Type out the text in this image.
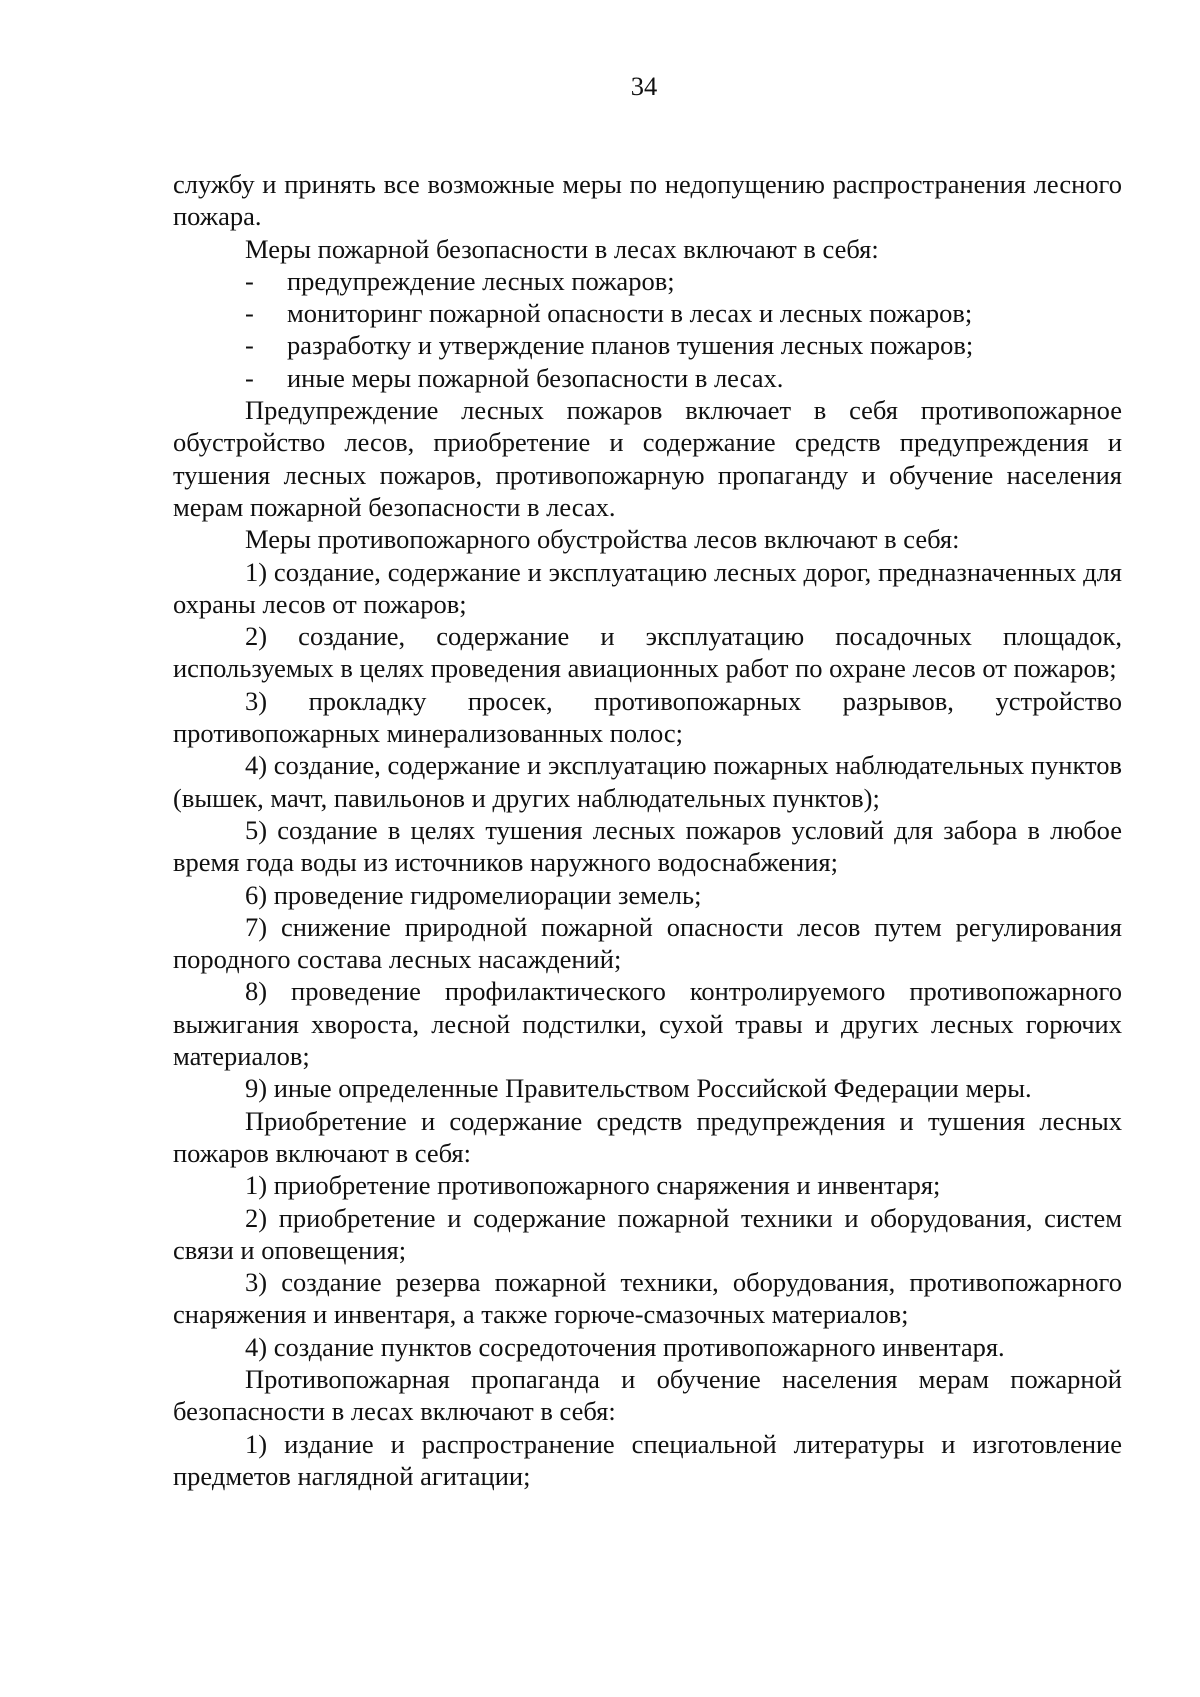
34

службу и принять все возможные меры по недопущению распространения лесного пожара.

Меры пожарной безопасности в лесах включают в себя:

- предупреждение лесных пожаров;

- мониторинг пожарной опасности в лесах и лесных пожаров;

- разработку и утверждение планов тушения лесных пожаров;

- иные меры пожарной безопасности в лесах.

Предупреждение лесных пожаров включает в себя противопожарное обустройство лесов, приобретение и содержание средств предупреждения и тушения лесных пожаров, противопожарную пропаганду и обучение населения мерам пожарной безопасности в лесах.

Меры противопожарного обустройства лесов включают в себя:

1) создание, содержание и эксплуатацию лесных дорог, предназначенных для охраны лесов от пожаров;

2) создание, содержание и эксплуатацию посадочных площадок, используемых в целях проведения авиационных работ по охране лесов от пожаров;

3) прокладку просек, противопожарных разрывов, устройство противопожарных минерализованных полос;

4) создание, содержание и эксплуатацию пожарных наблюдательных пунктов (вышек, мачт, павильонов и других наблюдательных пунктов);

5) создание в целях тушения лесных пожаров условий для забора в любое время года воды из источников наружного водоснабжения;

6) проведение гидромелиорации земель;

7) снижение природной пожарной опасности лесов путем регулирования породного состава лесных насаждений;

8) проведение профилактического контролируемого противопожарного выжигания хвороста, лесной подстилки, сухой травы и других лесных горючих материалов;

9) иные определенные Правительством Российской Федерации меры.

Приобретение и содержание средств предупреждения и тушения лесных пожаров включают в себя:

1) приобретение противопожарного снаряжения и инвентаря;

2) приобретение и содержание пожарной техники и оборудования, систем связи и оповещения;

3) создание резерва пожарной техники, оборудования, противопожарного снаряжения и инвентаря, а также горюче-смазочных материалов;

4) создание пунктов сосредоточения противопожарного инвентаря.

Противопожарная пропаганда и обучение населения мерам пожарной безопасности в лесах включают в себя:

1) издание и распространение специальной литературы и изготовление предметов наглядной агитации;
